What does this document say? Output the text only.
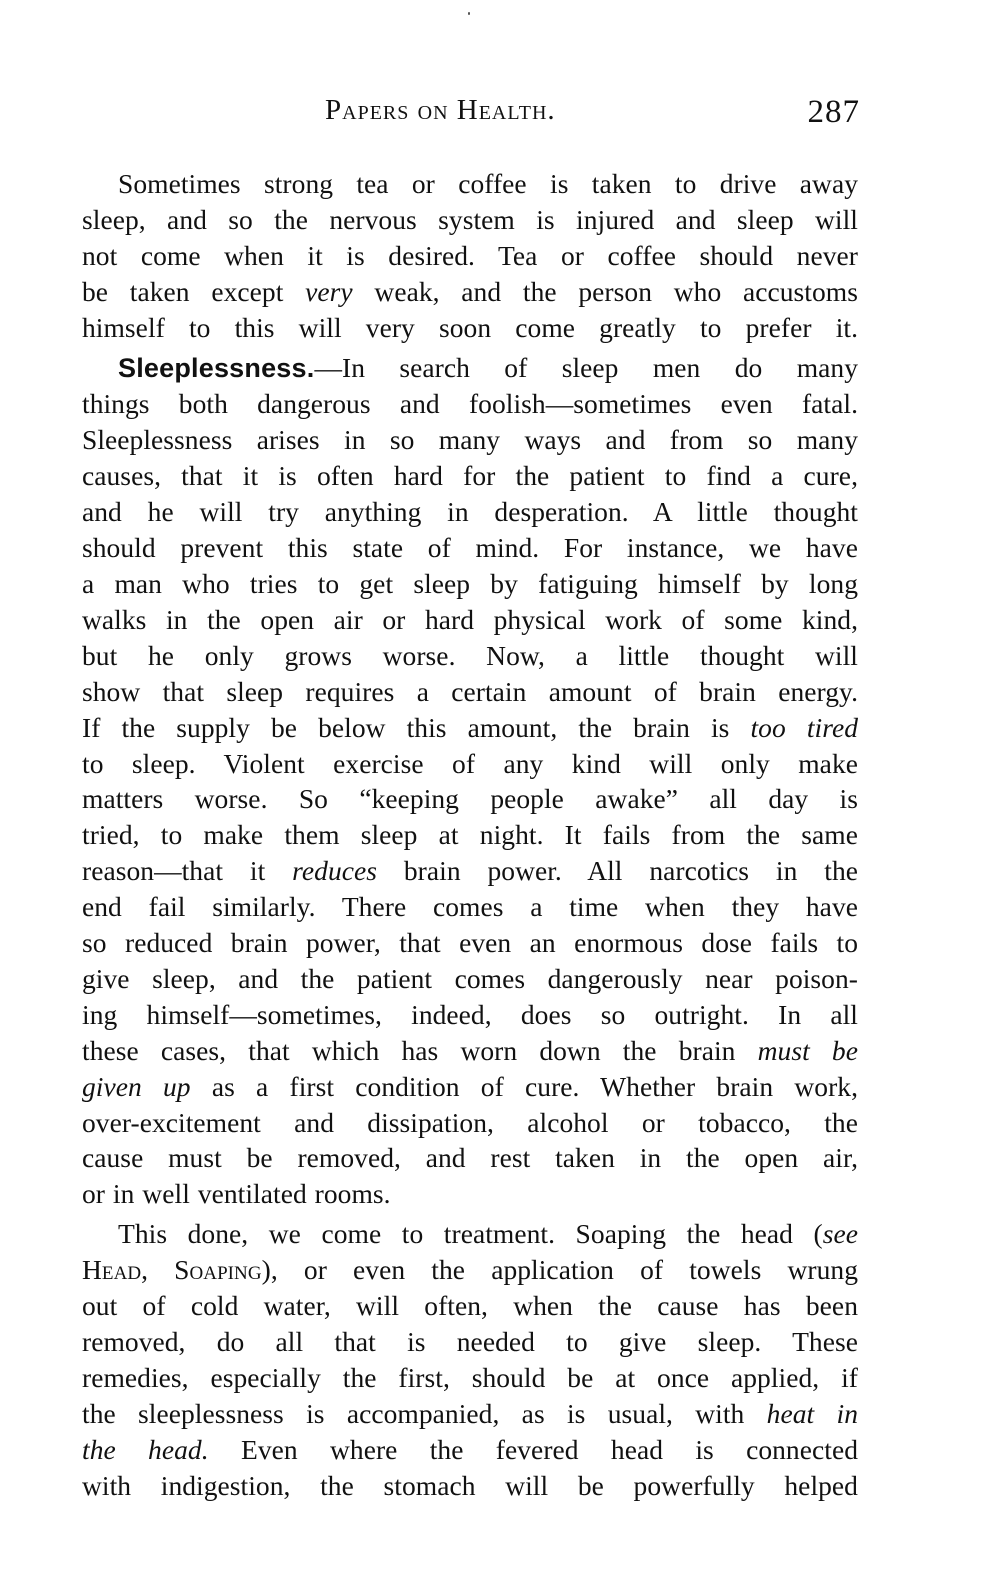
Papers on Health.	287

Sometimes strong tea or coffee is taken to drive away
sleep, and so the nervous system is injured and sleep will
not come when it is desired. Tea or coffee should never
be taken except very weak, and the person who accustoms
himself to this will very soon come greatly to prefer it.

Sleeplessness.—In search of sleep men do many
things both dangerous and foolish—sometimes even fatal.
Sleeplessness arises in so many ways and from so many
causes, that it is often hard for the patient to find a cure,
and he will try anything in desperation. A little thought
should prevent this state of mind. For instance, we have
a man who tries to get sleep by fatiguing himself by long
walks in the open air or hard physical work of some kind,
but he only grows worse. Now, a little thought will
show that sleep requires a certain amount of brain energy.
If the supply be below this amount, the brain is too tired
to sleep. Violent exercise of any kind will only make
matters worse. So “keeping people awake” all day is
tried, to make them sleep at night. It fails from the same
reason—that it reduces brain power. All narcotics in the
end fail similarly. There comes a time when they have
so reduced brain power, that even an enormous dose fails to
give sleep, and the patient comes dangerously near poison-
ing himself—sometimes, indeed, does so outright. In all
these cases, that which has worn down the brain must be
given up as a first condition of cure. Whether brain work,
over-excitement and dissipation, alcohol or tobacco, the
cause must be removed, and rest taken in the open air,
or in well ventilated rooms.

This done, we come to treatment. Soaping the head (see
Head, Soaping), or even the application of towels wrung
out of cold water, will often, when the cause has been
removed, do all that is needed to give sleep. These
remedies, especially the first, should be at once applied, if
the sleeplessness is accompanied, as is usual, with heat in
the head. Even where the fevered head is connected
with indigestion, the stomach will be powerfully helped
